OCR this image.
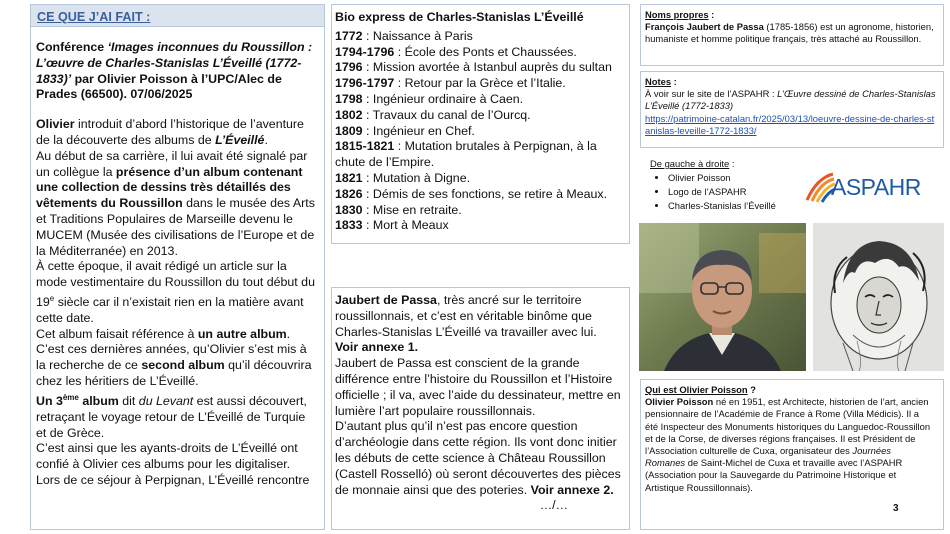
CE QUE J’AI FAIT :

Conférence ‘Images inconnues du Roussillon : L’œuvre de Charles-Stanislas L’Éveillé (1772-1833)’ par Olivier Poisson à l’UPC/Alec de Prades (66500). 07/06/2025

Olivier introduit d’abord l’historique de l’aventure de la découverte des albums de L’Éveillé.

Au début de sa carrière, il lui avait été signalé par un collègue la présence d’un album contenant une collection de dessins très détaillés des vêtements du Roussillon dans le musée des Arts et Traditions Populaires de Marseille devenu le MUCEM (Musée des civilisations de l’Europe et de la Méditerranée) en 2013.

À cette époque, il avait rédigé un article sur la mode vestimentaire du Roussillon du tout début du 19e siècle car il n’existait rien en la matière avant cette date.

Cet album faisait référence à un autre album.

C’est ces dernières années, qu’Olivier s’est mis à la recherche de ce second album qu’il découvrira chez les héritiers de L’Éveillé.

Un 3ème album dit du Levant est aussi découvert, retraçant le voyage retour de L’Éveillé de Turquie et de Grèce.

C’est ainsi que les ayants-droits de L’Éveillé ont confié à Olivier ces albums pour les digitaliser.

Lors de ce séjour à Perpignan, L’Éveillé rencontre

Bio express de Charles-Stanislas L’Éveillé

1772 : Naissance à Paris

1794-1796 : École des Ponts et Chaussées.

1796 : Mission avortée à Istanbul auprès du sultan

1796-1797 : Retour par la Grèce et l’Italie.

1798 : Ingénieur ordinaire à Caen.

1802 : Travaux du canal de l’Ourcq.

1809 : Ingénieur en Chef.

1815-1821 : Mutation brutales à Perpignan, à la chute de l’Empire.

1821 : Mutation à Digne.

1826 : Démis de ses fonctions, se retire à Meaux.

1830 : Mise en retraite.

1833 : Mort à Meaux

Jaubert de Passa, très ancré sur le territoire roussillonnais, et c’est en véritable binôme que Charles-Stanislas L’Éveillé va travailler avec lui.

Voir annexe 1.

Jaubert de Passa est conscient de la grande différence entre l’histoire du Roussillon et l’Histoire officielle ; il va, avec l’aide du dessinateur, mettre en lumière l’art populaire roussillonnais.

D’autant plus qu’il n’est pas encore question d’archéologie dans cette région. Ils vont donc initier les débuts de cette science à Château Roussillon (Castell Rosselló) où seront découvertes des pièces de monnaie ainsi que des poteries. Voir annexe 2.

…/…

Noms propres :

François Jaubert de Passa (1785-1856) est un agronome, historien, humaniste et homme politique français, très attaché au Roussillon.

Notes :

À voir sur le site de l’ASPAHR : L’Œuvre dessiné de Charles-Stanislas L’Éveillé (1772-1833)

https://patrimoine-catalan.fr/2025/03/13/loeuvre-dessine-de-charles-stanislas-leveille-1772-1833/

De gauche à droite :

• Olivier Poisson
• Logo de l’ASPAHR
• Charles-Stanislas l’Éveillé
ASPAHR

Qui est Olivier Poisson ?

Olivier Poisson né en 1951, est Architecte, historien de l’art, ancien pensionnaire de l’Académie de France à Rome (Villa Médicis). Il a été Inspecteur des Monuments historiques du Languedoc-Roussillon et de la Corse, de diverses régions françaises. Il est Président de l’Association culturelle de Cuxa, organisateur des Journées Romanes de Saint-Michel de Cuxa et travaille avec l’ASPAHR (Association pour la Sauvegarde du Patrimoine Historique et Artistique Roussillonnais).

3
